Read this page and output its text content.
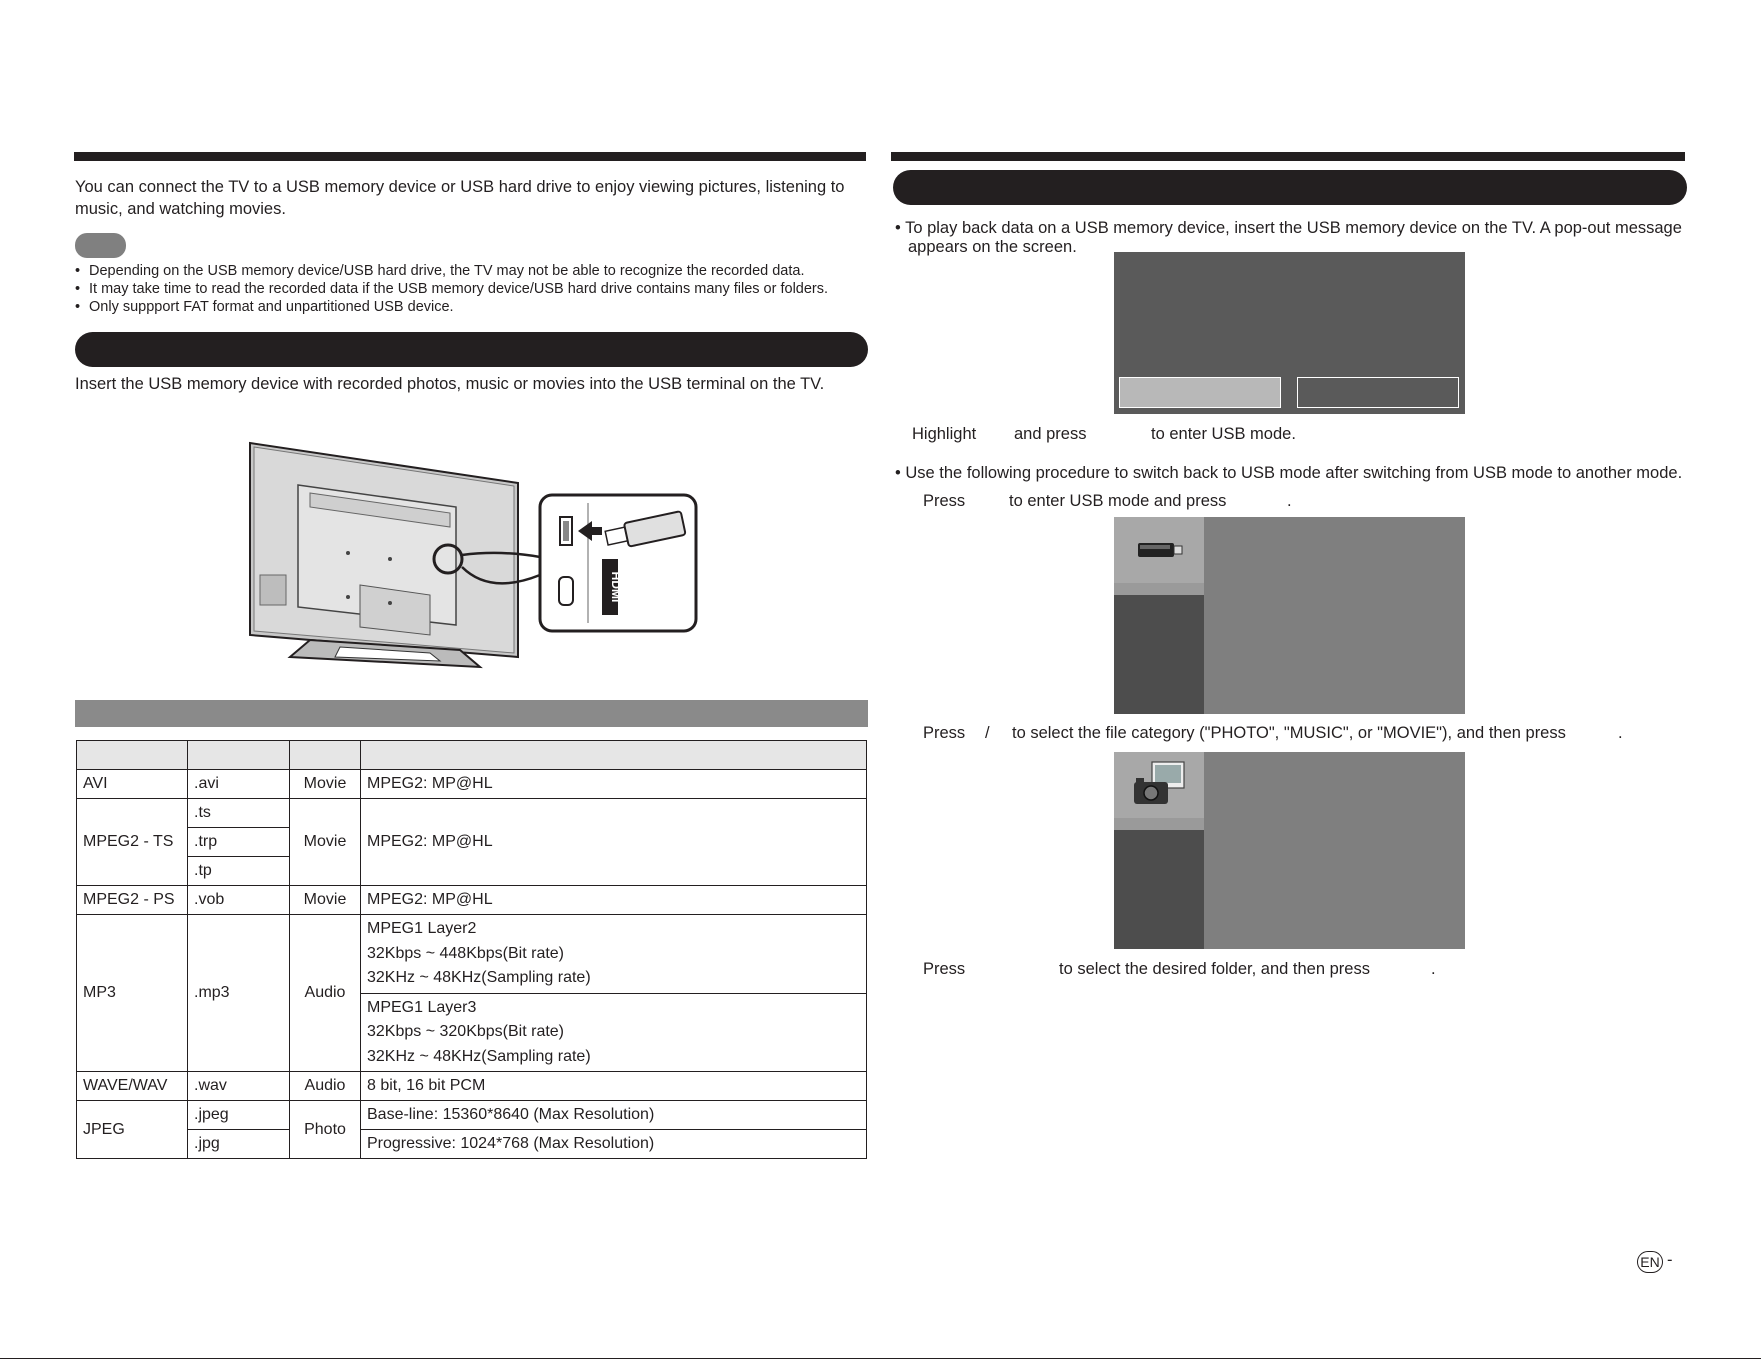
You can connect the TV to a USB memory device or USB hard drive to enjoy viewing pictures, listening to music, and watching movies.
• Depending on the USB memory device/USB hard drive, the TV may not be able to recognize the recorded data.
• It may take time to read the recorded data if the USB memory device/USB hard drive contains many files or folders.
• Only suppport FAT format and unpartitioned USB device.
Insert the USB memory device with recorded photos, music or movies into the USB terminal on the TV.
HDMI

AVI	.avi	Movie	MPEG2: MP@HL
MPEG2 - TS	.ts	Movie	MPEG2: MP@HL
	.trp		
	.tp		
MPEG2 - PS	.vob	Movie	MPEG2: MP@HL
MP3	.mp3	Audio	MPEG1 Layer2
32Kbps ~ 448Kbps(Bit rate)
32KHz ~ 48KHz(Sampling rate)

			MPEG1 Layer3
32Kbps ~ 320Kbps(Bit rate)
32KHz ~ 48KHz(Sampling rate)

WAVE/WAV	.wav	Audio	8 bit, 16 bit PCM
JPEG	.jpeg	Photo	Base-line: 15360*8640 (Max Resolution)
	.jpg		Progressive: 1024*768 (Max Resolution)
• To play back data on a USB memory device, insert the USB memory device on the TV. A pop-out message
appears on the screen.
Highlight and press	to enter USB mode.
• Use the following procedure to switch back to USB mode after switching from USB mode to another mode.
Press	to enter USB mode and press	.
Press / to select the file category ("PHOTO", "MUSIC", or "MOVIE"), and then press	.
Press	to select the desired folder, and then press	.
EN -
